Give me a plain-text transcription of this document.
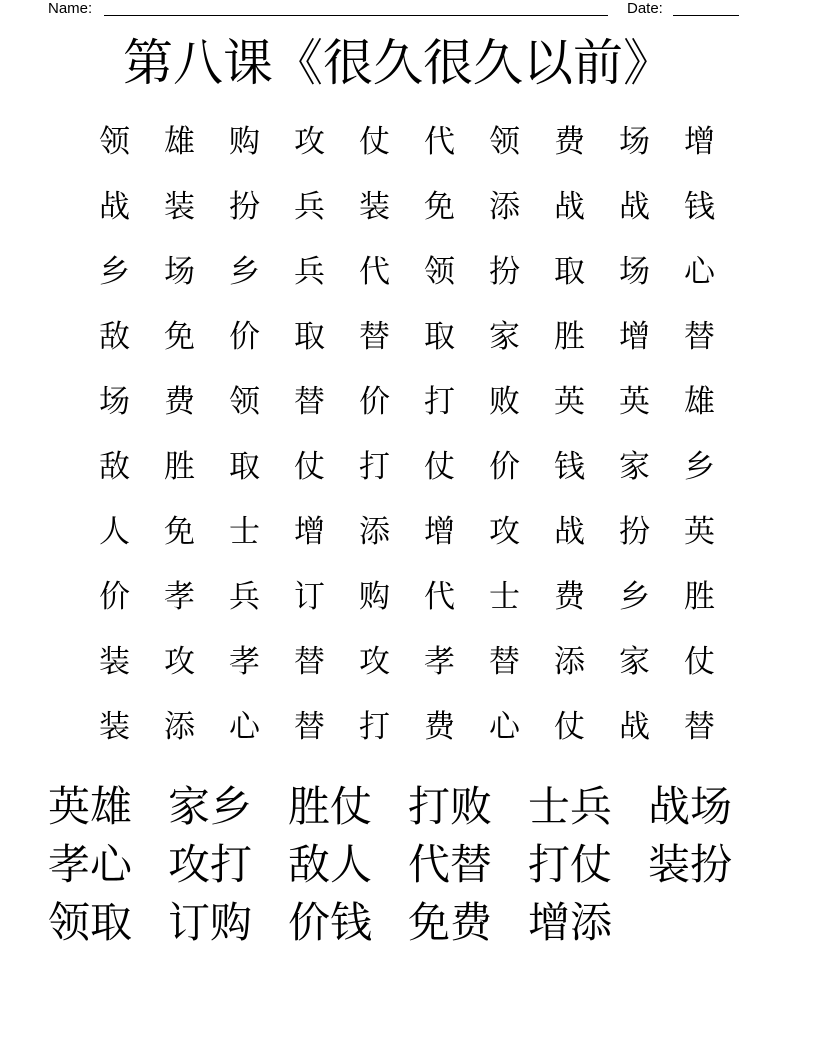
Name:	Date:
第八课《很久很久以前》
领	雄	购	攻	仗	代	领	费	场	增
战	装	扮	兵	装	免	添	战	战	钱
乡	场	乡	兵	代	领	扮	取	场	心
敌	免	价	取	替	取	家	胜	增	替
场	费	领	替	价	打	败	英	英	雄
敌	胜	取	仗	打	仗	价	钱	家	乡
人	免	士	增	添	增	攻	战	扮	英
价	孝	兵	订	购	代	士	费	乡	胜
装	攻	孝	替	攻	孝	替	添	家	仗
装	添	心	替	打	费	心	仗	战	替
英雄 家乡 胜仗 打败 士兵 战场
孝心 攻打 敌人 代替 打仗 装扮
领取 订购 价钱 免费 增添
